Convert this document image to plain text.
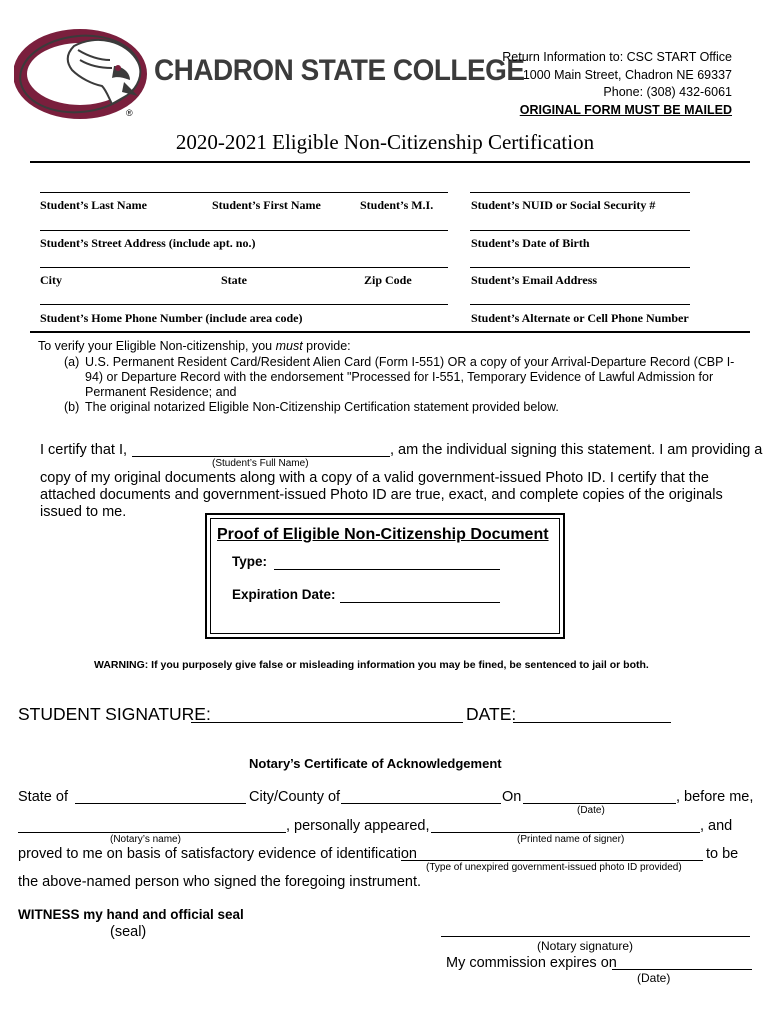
®
CHADRON STATE COLLEGE
Return Information to: CSC START Office
1000 Main Street, Chadron NE 69337
Phone: (308) 432-6061
ORIGINAL FORM MUST BE MAILED
2020-2021 Eligible Non-Citizenship Certification
Student’s Last Name	Student’s First Name	Student’s M.I.	Student’s NUID or Social Security #
Student’s Street Address (include apt. no.)	Student’s Date of Birth
City	State	Zip Code	Student’s Email Address
Student’s Home Phone Number (include area code)	Student’s Alternate or Cell Phone Number
To verify your Eligible Non-citizenship, you must provide:
(a) U.S. Permanent Resident Card/Resident Alien Card (Form I-551) OR a copy of your Arrival-Departure Record (CBP I-94) or Departure Record with the endorsement "Processed for I-551, Temporary Evidence of Lawful Admission for Permanent Residence; and
(b) The original notarized Eligible Non-Citizenship Certification statement provided below.
I certify that I,	, am the individual signing this statement. I am providing a
(Student’s Full Name)
copy of my original documents along with a copy of a valid government-issued Photo ID. I certify that the attached documents and government-issued Photo ID are true, exact, and complete copies of the originals issued to me.
Proof of Eligible Non-Citizenship Document
Type:
Expiration Date:
WARNING: If you purposely give false or misleading information you may be fined, be sentenced to jail or both.
STUDENT SIGNATURE:	DATE:
Notary’s Certificate of Acknowledgement
State of	City/County of	On	, before me,
(Date)
, personally appeared,	, and
(Notary’s name)	(Printed name of signer)
proved to me on basis of satisfactory evidence of identification	to be
(Type of unexpired government-issued photo ID provided)
the above-named person who signed the foregoing instrument.
WITNESS my hand and official seal
(seal)
(Notary signature)
My commission expires on
(Date)
